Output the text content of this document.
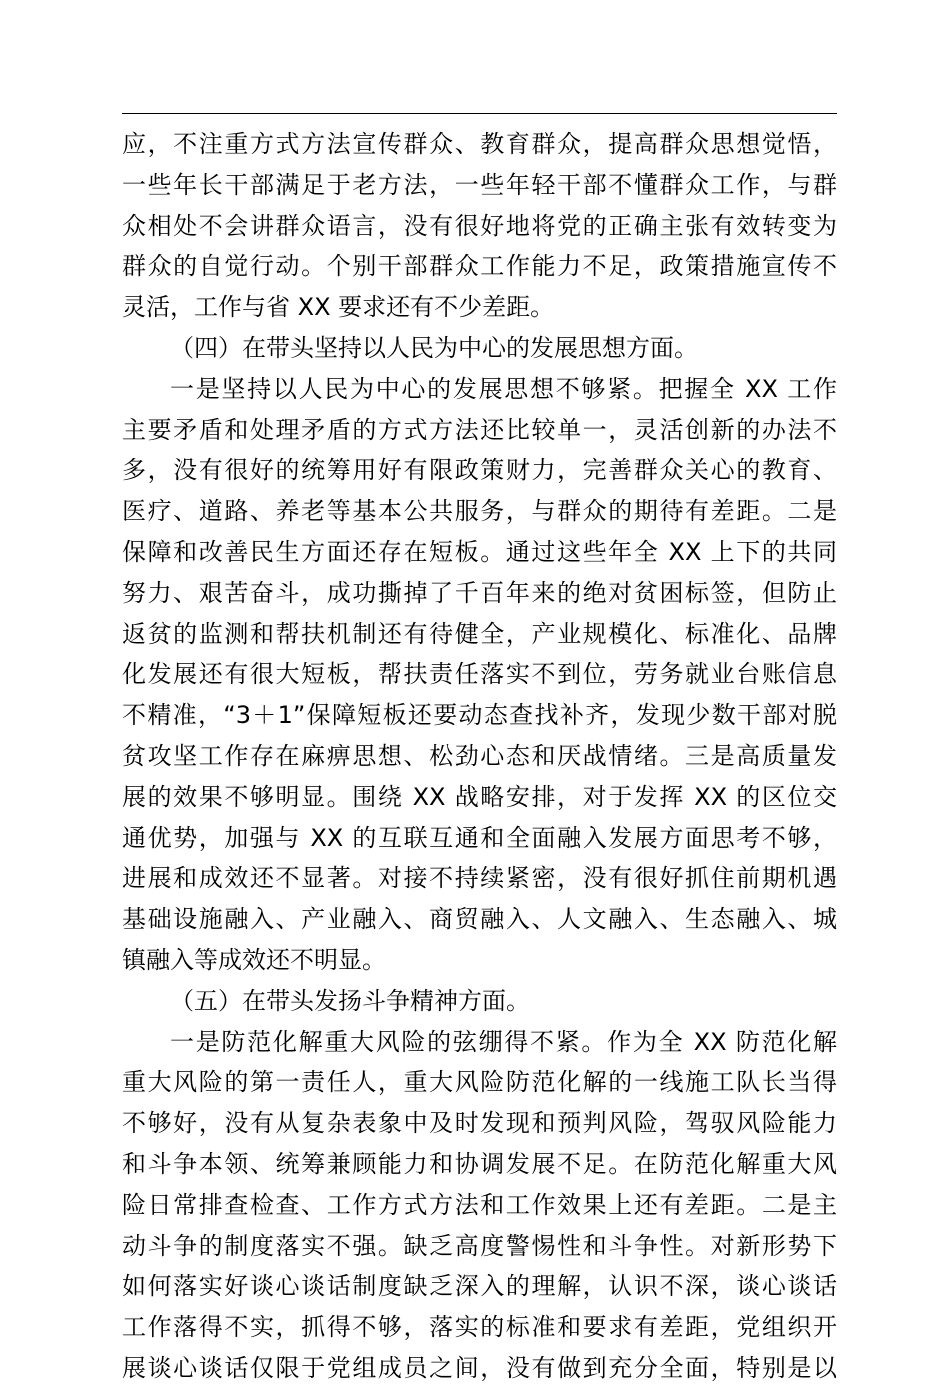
应，不注重方式方法宣传群众、教育群众，提高群众思想觉悟，
一些年长干部满足于老方法，一些年轻干部不懂群众工作，与群
众相处不会讲群众语言，没有很好地将党的正确主张有效转变为
群众的自觉行动。个别干部群众工作能力不足，政策措施宣传不
灵活，工作与省 XX 要求还有不少差距。
（四）在带头坚持以人民为中心的发展思想方面。
一是坚持以人民为中心的发展思想不够紧。把握全 XX 工作
主要矛盾和处理矛盾的方式方法还比较单一，灵活创新的办法不
多，没有很好的统筹用好有限政策财力，完善群众关心的教育、
医疗、道路、养老等基本公共服务，与群众的期待有差距。二是
保障和改善民生方面还存在短板。通过这些年全 XX 上下的共同
努力、艰苦奋斗，成功撕掉了千百年来的绝对贫困标签，但防止
返贫的监测和帮扶机制还有待健全，产业规模化、标准化、品牌
化发展还有很大短板，帮扶责任落实不到位，劳务就业台账信息
不精准，“3＋1”保障短板还要动态查找补齐，发现少数干部对脱
贫攻坚工作存在麻痹思想、松劲心态和厌战情绪。三是高质量发
展的效果不够明显。围绕 XX 战略安排，对于发挥 XX 的区位交
通优势，加强与 XX 的互联互通和全面融入发展方面思考不够，
进展和成效还不显著。对接不持续紧密，没有很好抓住前期机遇
基础设施融入、产业融入、商贸融入、人文融入、生态融入、城
镇融入等成效还不明显。
（五）在带头发扬斗争精神方面。
一是防范化解重大风险的弦绷得不紧。作为全 XX 防范化解
重大风险的第一责任人，重大风险防范化解的一线施工队长当得
不够好，没有从复杂表象中及时发现和预判风险，驾驭风险能力
和斗争本领、统筹兼顾能力和协调发展不足。在防范化解重大风
险日常排查检查、工作方式方法和工作效果上还有差距。二是主
动斗争的制度落实不强。缺乏高度警惕性和斗争性。对新形势下
如何落实好谈心谈话制度缺乏深入的理解，认识不深，谈心谈话
工作落得不实，抓得不够，落实的标准和要求有差距，党组织开
展谈心谈话仅限于党组成员之间，没有做到充分全面，特别是以
